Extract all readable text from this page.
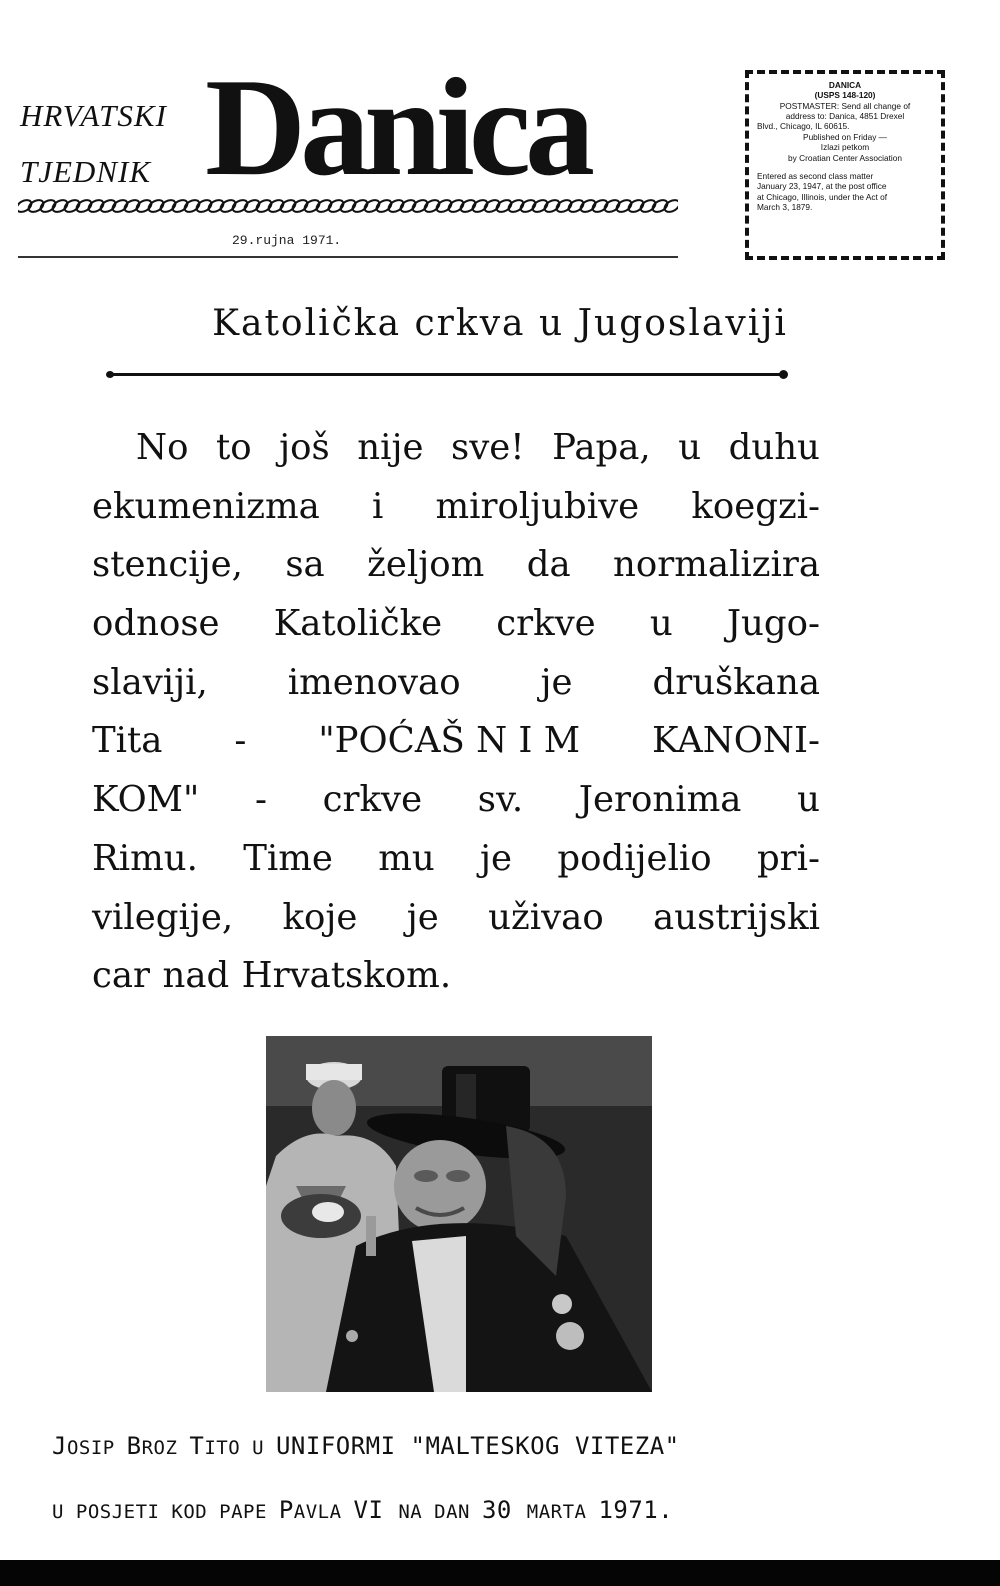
HRVATSKI
TJEDNIK Danica
29.rujna 1971.
DANICA
(USPS 148-120)
POSTMASTER: Send all change of
address to: Danica, 4851 Drexel
Blvd., Chicago, IL 60615.
Published on Friday —
Izlazi petkom
by Croatian Center Association
Entered as second class matter
January 23, 1947, at the post office
at Chicago, Illinois, under the Act of
March 3, 1879.
Katolička crkva u Jugoslaviji
No to još nije sve! Papa, u duhu
ekumenizma i miroljubive koegzi-
stencije, sa željom da normalizira
odnose Katoličke crkve u Jugo-
slaviji, imenovao je druškana
Tita - "POĆAŠ N I M KANONI-
KOM" - crkve sv. Jeronima u
Rimu. Time mu je podijelio pri-
vilegije, koje je uživao austrijski
car nad Hrvatskom.
JOSIP BROZ TITO U UNIFORMI "MALTESKOG VITEZA"
U POSJETI KOD PAPE PAVLA VI NA DAN 30 MARTA 1971.
